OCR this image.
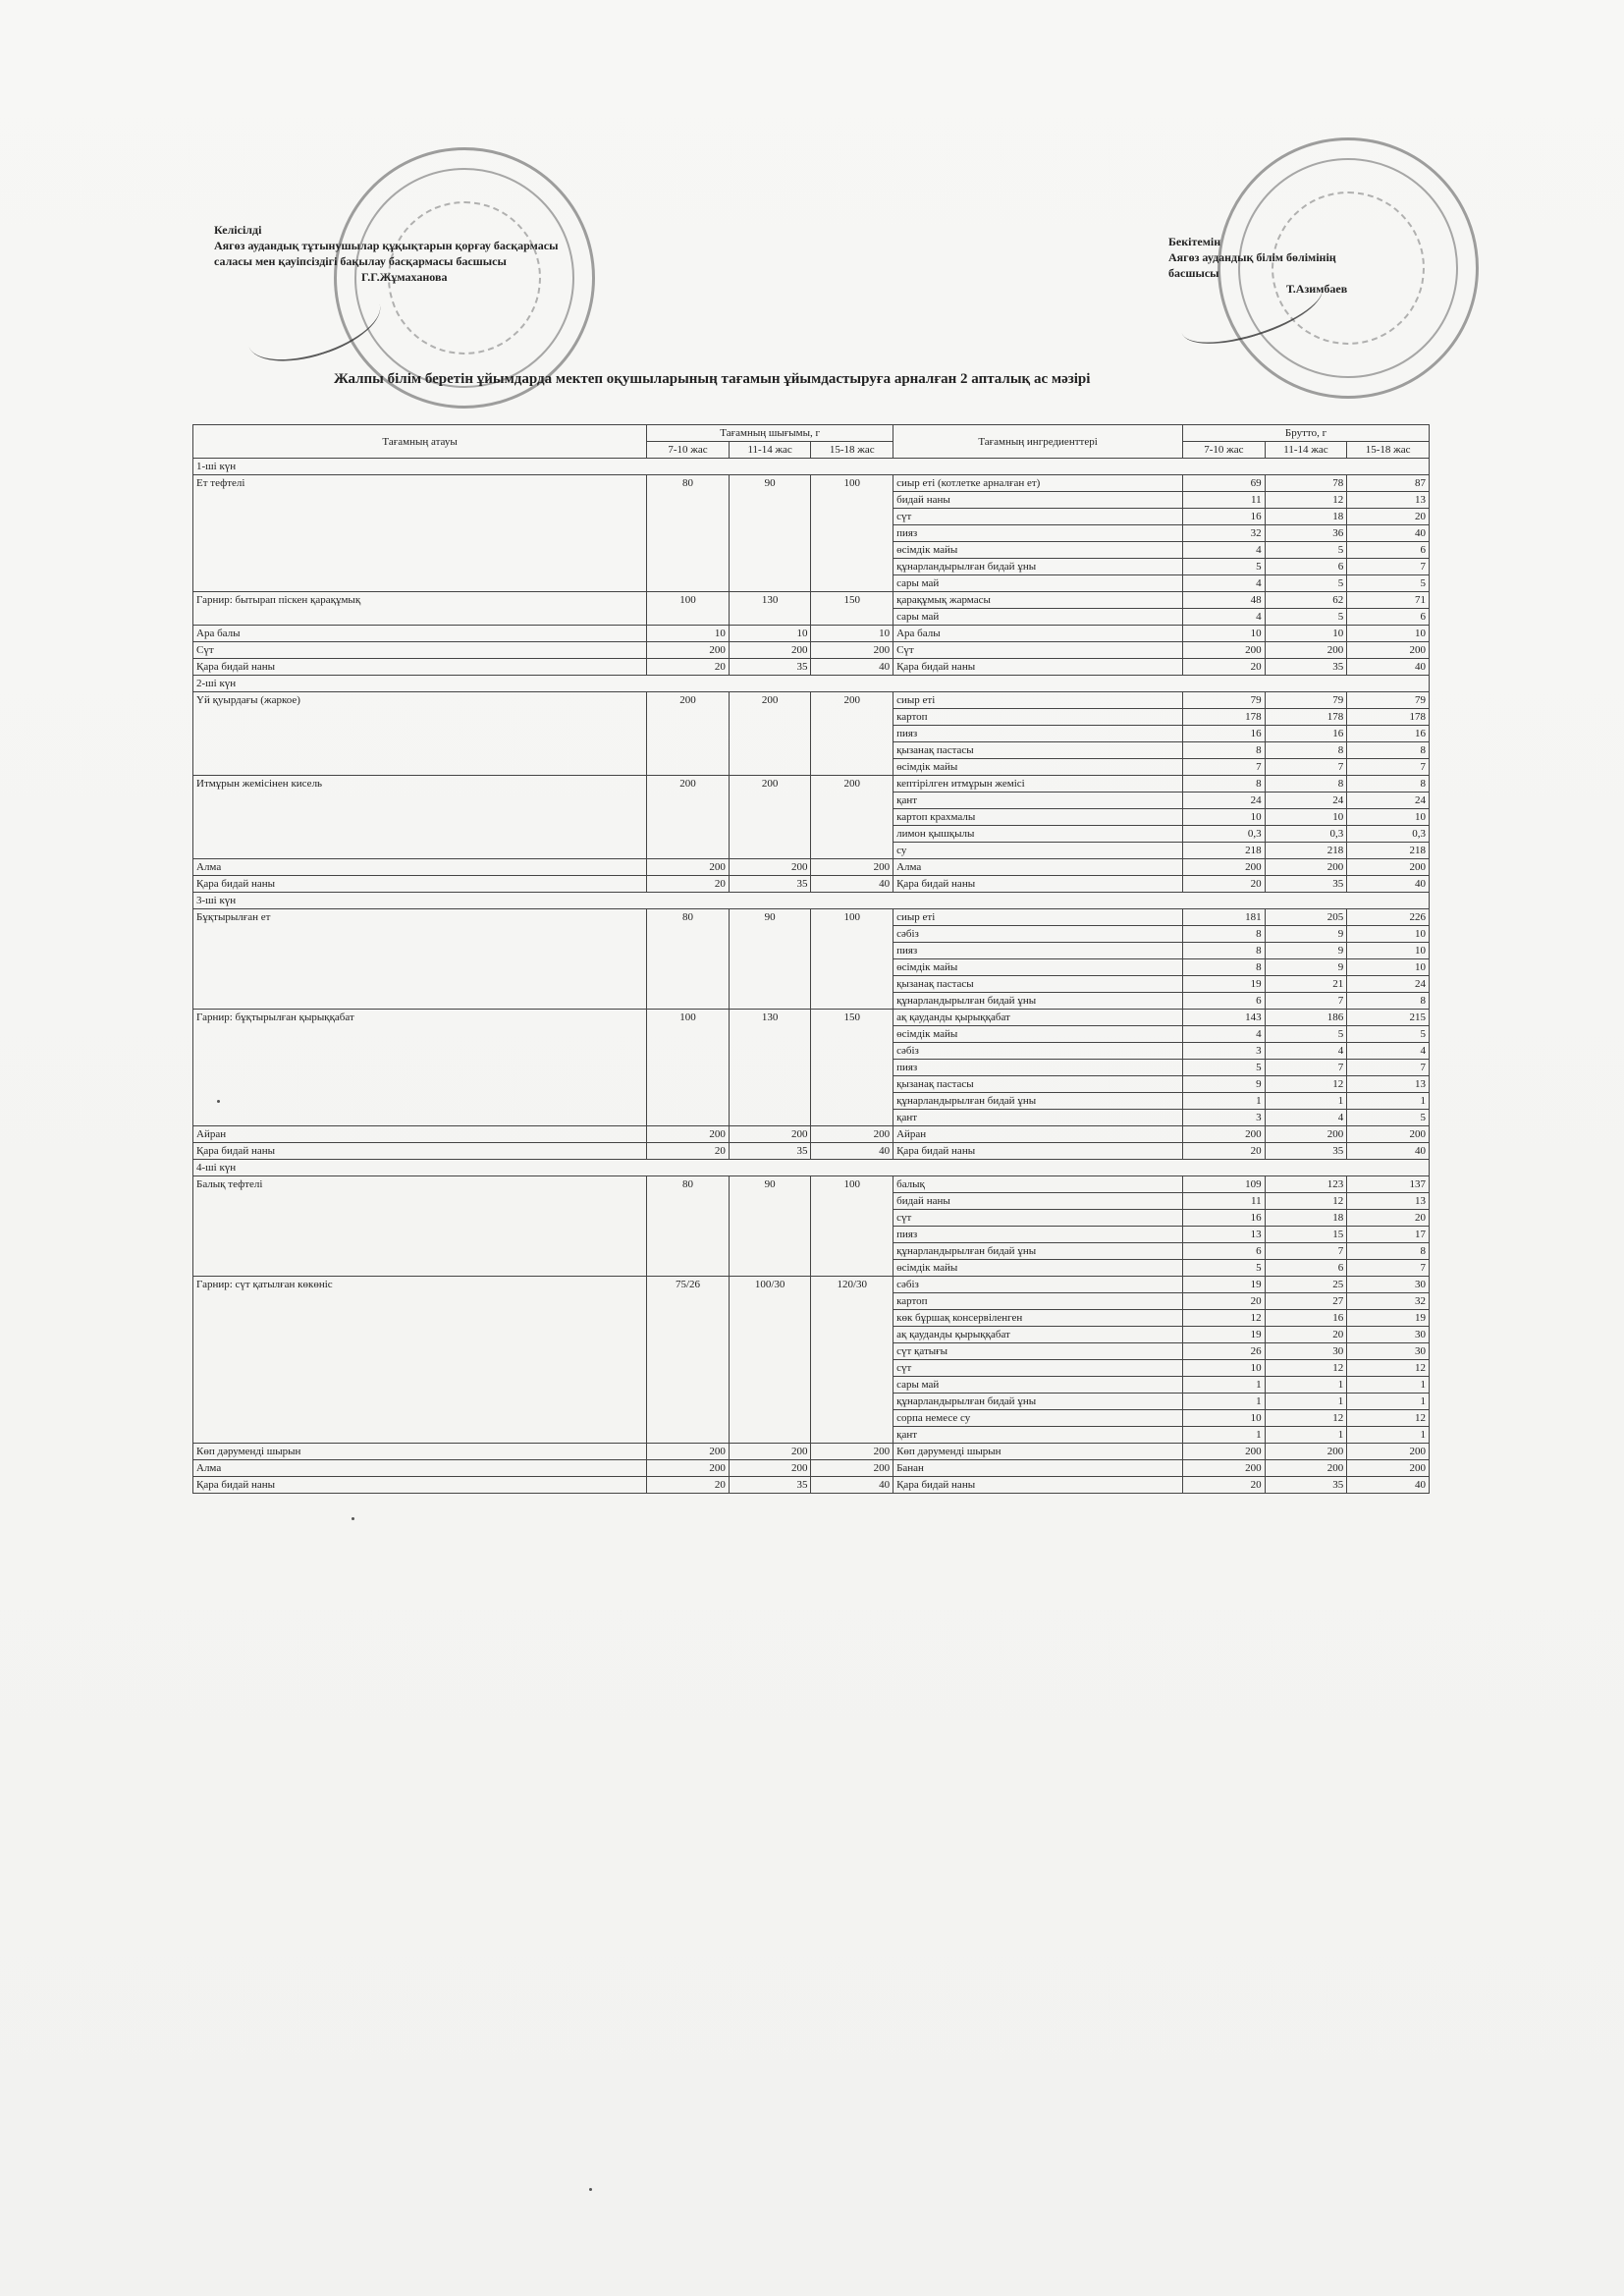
Келісілді
Аягөз аудандық тұтынушылар құқықтарын қорғау басқармасы
саласы мен қауіпсіздігі бақылау басқармасы басшысы
Г.Г.Жұмаханова
Бекітемін
Аягөз аудандық білім бөлімінің
басшысы
Т.Азимбаев
Жалпы білім беретін ұйымдарда мектеп оқушыларының тағамын ұйымдастыруға арналған 2 апталық ас мәзірі
Тағамның атауы	Тағамның шығымы, г			Тағамның ингредиенттері	Брутто, г		
	7-10 жас	11-14 жас	15-18 жас		7-10 жас	11-14 жас	15-18 жас
1-ші күн							
Ет тефтелі	80	90	100	сиыр еті (котлетке арналған ет)	69	78	87
				бидай наны	11	12	13
				сүт	16	18	20
				пияз	32	36	40
				өсімдік майы	4	5	6
				құнарландырылған бидай ұны	5	6	7
				сары май	4	5	5
Гарнир: бытырап піскен қарақұмық	100	130	150	қарақұмық жармасы	48	62	71
				сары май	4	5	6
Ара балы	10	10	10	Ара балы	10	10	10
Сүт	200	200	200	Сүт	200	200	200
Қара бидай наны	20	35	40	Қара бидай наны	20	35	40
2-ші күн							
Үй қуырдағы (жаркое)	200	200	200	сиыр еті	79	79	79
				картоп	178	178	178
				пияз	16	16	16
				қызанақ пастасы	8	8	8
				өсімдік майы	7	7	7
Итмұрын жемісінен кисель	200	200	200	кептірілген итмұрын жемісі	8	8	8
				қант	24	24	24
				картоп крахмалы	10	10	10
				лимон қышқылы	0,3	0,3	0,3
				су	218	218	218
Алма	200	200	200	Алма	200	200	200
Қара бидай наны	20	35	40	Қара бидай наны	20	35	40
3-ші күн							
Бұқтырылған ет	80	90	100	сиыр еті	181	205	226
				сәбіз	8	9	10
				пияз	8	9	10
				өсімдік майы	8	9	10
				қызанақ пастасы	19	21	24
				құнарландырылған бидай ұны	6	7	8
Гарнир: бұқтырылған қырыққабат	100	130	150	ақ қауданды қырыққабат	143	186	215
				өсімдік майы	4	5	5
				сәбіз	3	4	4
				пияз	5	7	7
				қызанақ пастасы	9	12	13
				құнарландырылған бидай ұны	1	1	1
				қант	3	4	5
Айран	200	200	200	Айран	200	200	200
Қара бидай наны	20	35	40	Қара бидай наны	20	35	40
4-ші күн							
Балық тефтелі	80	90	100	балық	109	123	137
				бидай наны	11	12	13
				сүт	16	18	20
				пияз	13	15	17
				құнарландырылған бидай ұны	6	7	8
				өсімдік майы	5	6	7
Гарнир: сүт қатылған көкөніс	75/26	100/30	120/30	сәбіз	19	25	30
				картоп	20	27	32
				көк бұршақ консервіленген	12	16	19
				ақ қауданды қырыққабат	19	20	30
				сүт қатығы	26	30	30
				сүт	10	12	12
				сары май	1	1	1
				құнарландырылған бидай ұны	1	1	1
				сорпа немесе су	10	12	12
				қант	1	1	1
Көп дәруменді шырын	200	200	200	Көп дәруменді шырын	200	200	200
Алма	200	200	200	Банан	200	200	200
Қара бидай наны	20	35	40	Қара бидай наны	20	35	40
